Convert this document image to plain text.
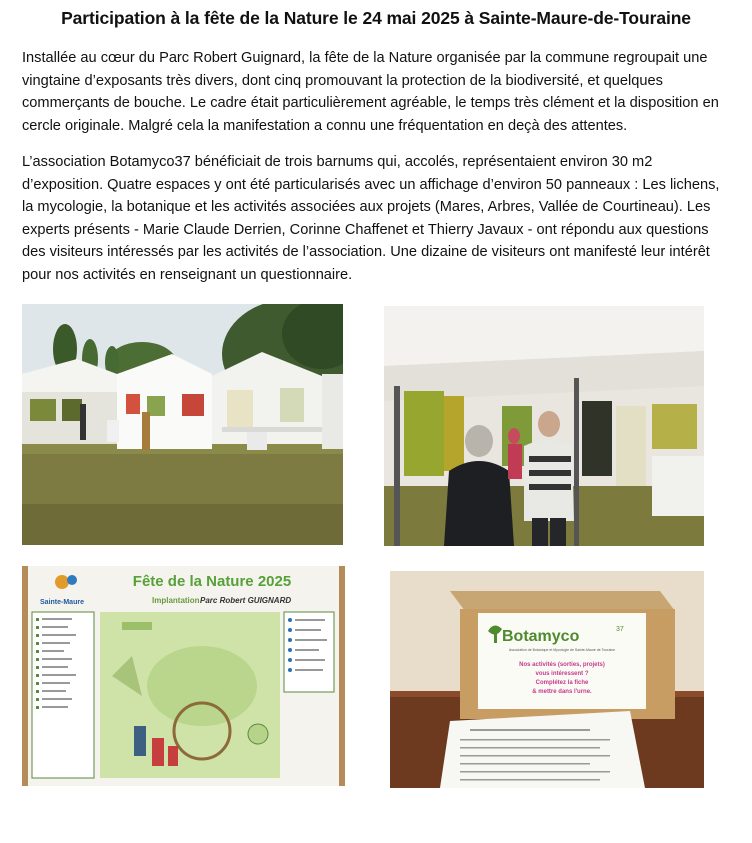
Participation à la fête de la Nature le 24 mai 2025 à Sainte-Maure-de-Touraine

Installée au cœur du Parc Robert Guignard, la fête de la Nature organisée par la commune regroupait une vingtaine d’exposants très divers, dont cinq promouvant la protection de la biodiversité, et quelques commerçants de bouche. Le cadre était particulièrement agréable, le temps très clément et la disposition en cercle originale. Malgré cela la manifestation a connu une fréquentation en deçà des attentes.

L’association Botamyco37 bénéficiait de trois barnums qui, accolés, représentaient environ 30 m2 d’exposition. Quatre espaces y ont été particularisés avec un affichage d’environ 50 panneaux : Les lichens, la mycologie, la botanique et les activités associées aux projets (Mares, Arbres, Vallée de Courtineau). Les experts présents - Marie Claude Derrien, Corinne Chaffenet et Thierry Javaux - ont répondu aux questions des visiteurs intéressés par les activités de l’association. Une dizaine de visiteurs ont manifesté leur intérêt pour nos activités en renseignant un questionnaire.

Sainte-Maure
Fête de la Nature 2025
Implantation Parc Robert GUIGNARD
Botamyco	37
Association de Botanique et Mycologie de Sainte-Maure de Touraine
Nos activités (sorties, projets)
vous intéressent ?
Complétez la fiche
& mettre dans l'urne.
